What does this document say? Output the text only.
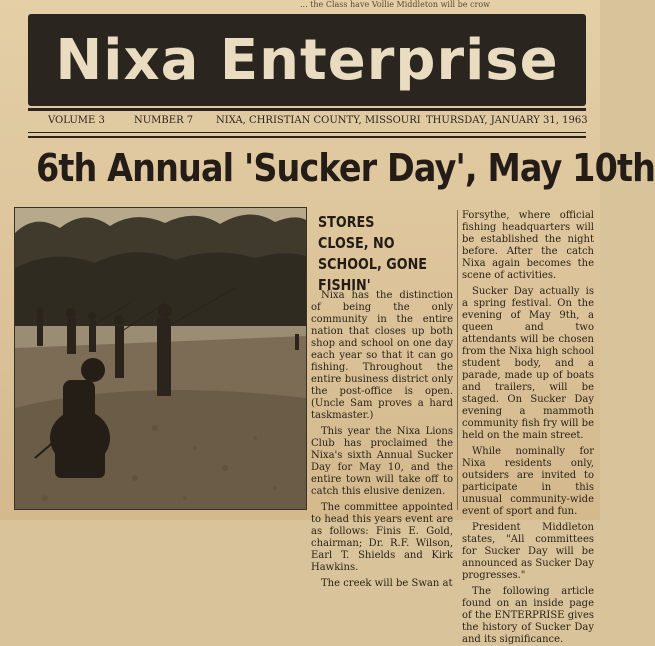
... the Class have Vollie Middleton will be crow
Nixa Enterprise
VOLUME 3	NUMBER 7 NIXA, CHRISTIAN COUNTY, MISSOURI THURSDAY, JANUARY 31, 1963
6th Annual 'Sucker Day', May 10th
STORES CLOSE, NO SCHOOL, GONE FISHIN'

Nixa has the distinction of being the only community in the entire nation that closes up both shop and school on one day each year so that it can go fishing. Throughout the entire business district only the post-office is open. (Uncle Sam proves a hard taskmaster.)

This year the Nixa Lions Club has proclaimed the Nixa's sixth Annual Sucker Day for May 10, and the entire town will take off to catch this elusive denizen.

The committee appointed to head this years event are as follows: Finis E. Gold, chairman; Dr. R.F. Wilson, Earl T. Shields and Kirk Hawkins.

The creek will be Swan at

Forsythe, where official fishing headquarters will be established the night before. After the catch Nixa again becomes the scene of activities.

Sucker Day actually is a spring festival. On the evening of May 9th, a queen and two attendants will be chosen from the Nixa high school student body, and a parade, made up of boats and trailers, will be staged. On Sucker Day evening a mammoth community fish fry will be held on the main street.

While nominally for Nixa residents only, outsiders are invited to participate in this unusual community-wide event of sport and fun.

President Middleton states, "All committees for Sucker Day will be announced as Sucker Day progresses."

The following article found on an inside page of the ENTERPRISE gives the history of Sucker Day and its significance.
